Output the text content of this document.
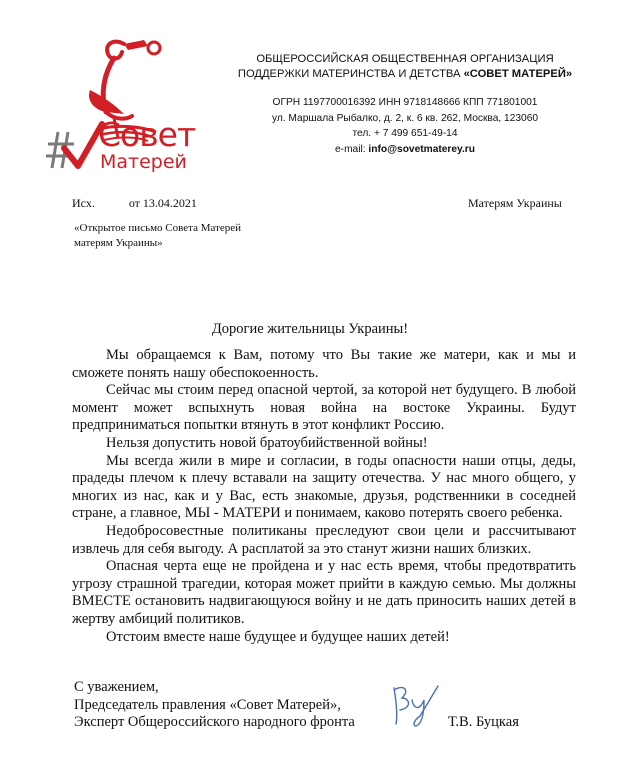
Совет
Матерей
ОБЩЕРОССИЙСКАЯ ОБЩЕСТВЕННАЯ ОРГАНИЗАЦИЯ
ПОДДЕРЖКИ МАТЕРИНСТВА И ДЕТСТВА «СОВЕТ МАТЕРЕЙ»
ОГРН 1197700016392 ИНН 9718148666 КПП 771801001
ул. Маршала Рыбалко, д. 2, к. 6 кв. 262, Москва, 123060
тел. + 7 499 651-49-14
e-mail: info@sovetmaterey.ru
Исх.	от 13.04.2021	Матерям Украины
«Открытое письмо Совета Матерей
матерям Украины»
Дорогие жительницы Украины!

Мы обращаемся к Вам, потому что Вы такие же матери, как и мы и сможете понять нашу обеспокоенность.

Сейчас мы стоим перед опасной чертой, за которой нет будущего. В любой момент может вспыхнуть новая война на востоке Украины. Будут предприниматься попытки втянуть в этот конфликт Россию.

Нельзя допустить новой братоубийственной войны!

Мы всегда жили в мире и согласии, в годы опасности наши отцы, деды, прадеды плечом к плечу вставали на защиту отечества. У нас много общего, у многих из нас, как и у Вас, есть знакомые, друзья, родственники в соседней стране, а главное, МЫ - МАТЕРИ и понимаем, каково потерять своего ребенка.

Недобросовестные политиканы преследуют свои цели и рассчитывают извлечь для себя выгоду. А расплатой за это станут жизни наших близких.

Опасная черта еще не пройдена и у нас есть время, чтобы предотвратить угрозу страшной трагедии, которая может прийти в каждую семью. Мы должны ВМЕСТЕ остановить надвигающуюся войну и не дать приносить наших детей в жертву амбиций политиков.

Отстоим вместе наше будущее и будущее наших детей!

С уважением,
Председатель правления «Совет Матерей»,
Эксперт Общероссийского народного фронта	Т.В. Буцкая
